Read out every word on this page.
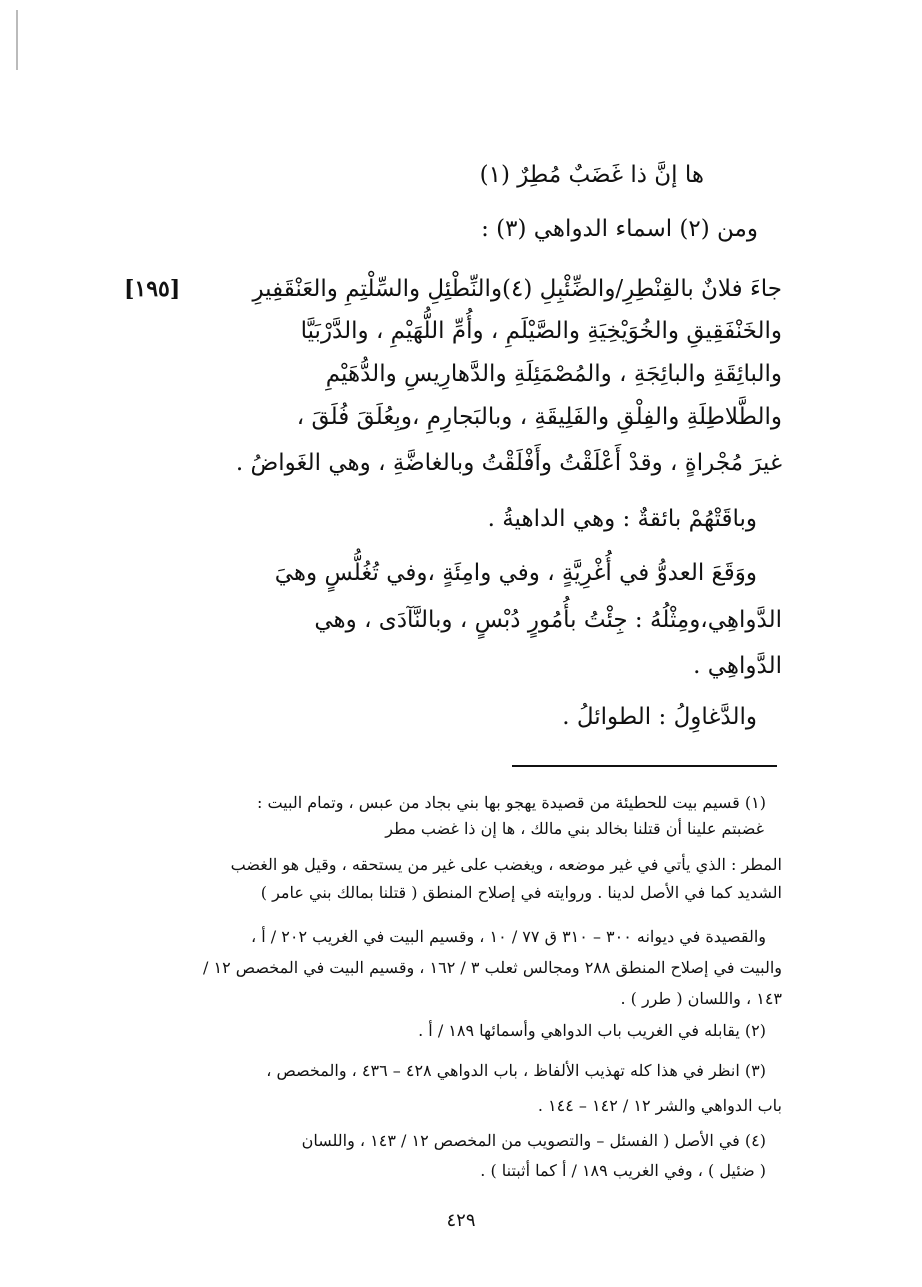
ها إنَّ ذا غَضَبٌ مُطِرٌ (١)
ومن (٢) اسماء الدواهي (٣) :
[١٩٥]	جاءَ فلانٌ بالقِنْطِرِ/والضِّئْبِلِ (٤)والنِّطْئِلِ والسِّلْتِمِ والعَنْقَفِيرِ
والخَنْفَقِيقِ والخُوَيْخِيَةِ والصَّيْلَمِ ، وأُمِّ اللُّهَيْمِ ، والدَّرْبَيَّا
والبائِقَةِ والبائِجَةِ ، والمُصْمَئِلَةِ والدَّهارِيسِ والدُّهَيْمِ
والطَّلاطِلَةِ والفِلْقِ والفَلِيقَةِ ، وبالبَجارِمِ ،وبِعُلَقَ فُلَقَ ،
غيرَ مُجْراةٍ ، وقدْ أَعْلَقْتُ وأَفْلَقْتُ وبالغاضَّةِ ، وهي الغَواضُ .
وباقَتْهُمْ بائقةٌ : وهي الداهيةُ .
ووَقَعَ العدوُّ في أُغْرِيَّةٍ ، وفي وامِئَةٍ ،وفي تُغُلُّسٍ وهيَ
الدَّواهِي،ومِثْلُهُ : جِئْتُ بأُمُورٍ دُبْسٍ ، وبالنَّآدَى ، وهي
الدَّواهِي .
والدَّغاوِلُ : الطوائلُ .
(١) قسيم بيت للحطيئة من قصيدة يهجو بها بني بجاد من عبس ، وتمام البيت :
غضبتم علينا أن قتلنا بخالد بني مالك ، ها إن ذا غضب مطر
المطر : الذي يأتي في غير موضعه ، ويغضب على غير من يستحقه ، وقيل هو الغضب
الشديد كما في الأصل لدينا . وروايته في إصلاح المنطق ( قتلنا بمالك بني عامر )
والقصيدة في ديوانه ٣٠٠ – ٣١٠ ق ٧٧ / ١٠ ، وقسيم البيت في الغريب ٢٠٢ / أ ،
والبيت في إصلاح المنطق ٢٨٨ ومجالس ثعلب ٣ / ١٦٢ ، وقسيم البيت في المخصص ١٢ /
١٤٣ ، واللسان ( طرر ) .
(٢) يقابله في الغريب باب الدواهي وأسمائها ١٨٩ / أ .
(٣) انظر في هذا كله تهذيب الألفاظ ، باب الدواهي ٤٢٨ – ٤٣٦ ، والمخصص ،
باب الدواهي والشر ١٢ / ١٤٢ – ١٤٤ .
(٤) في الأصل ( الفسئل – والتصويب من المخصص ١٢ / ١٤٣ ، واللسان
( ضئيل ) ، وفي الغريب ١٨٩ / أ كما أثبتنا ) .
٤٢٩
